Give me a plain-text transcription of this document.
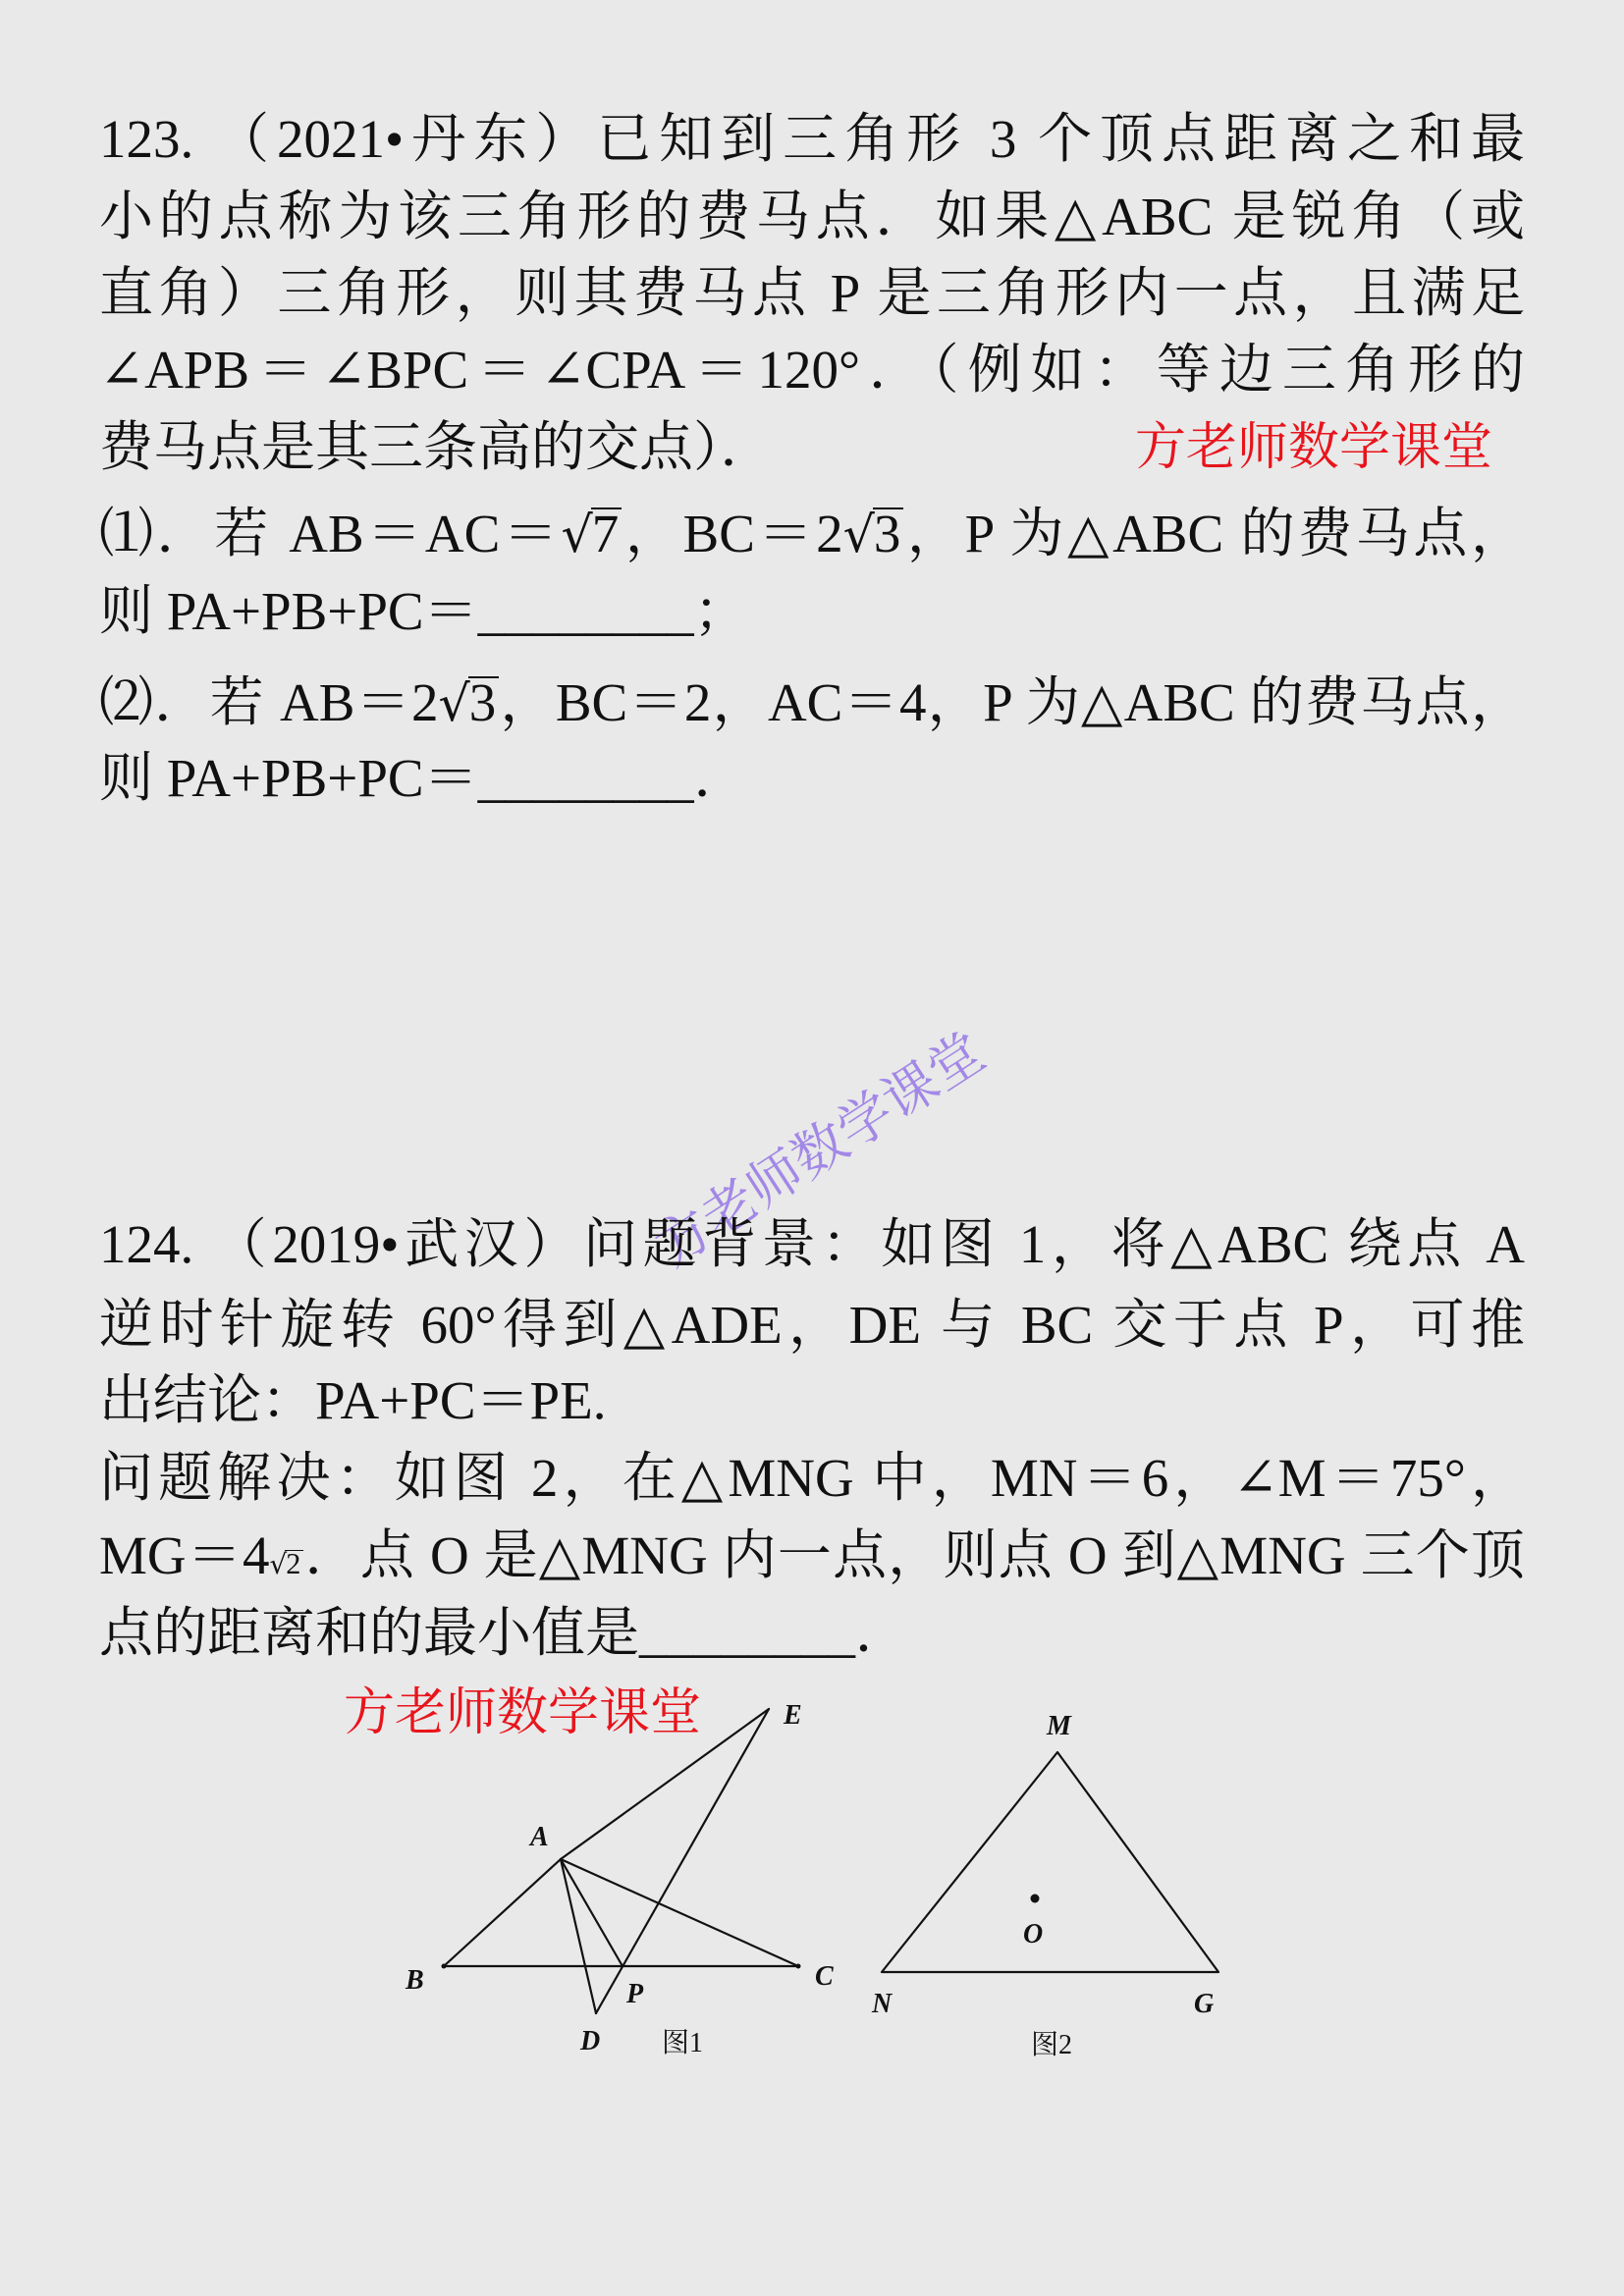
123. （2021•丹东）已知到三角形 3 个顶点距离之和最
小的点称为该三角形的费马点．如果△ABC 是锐角（或
直角）三角形，则其费马点 P 是三角形内一点，且满足
∠APB＝∠BPC＝∠CPA＝120°．（例如：等边三角形的
费马点是其三条高的交点）．	方老师数学课堂
⑴．若 AB＝AC＝√7，BC＝2√3，P 为△ABC 的费马点，
则 PA+PB+PC＝________；
⑵．若 AB＝2√3，BC＝2，AC＝4，P 为△ABC 的费马点，
则 PA+PB+PC＝________．
方老师数学课堂
124. （2019•武汉）问题背景：如图 1，将△ABC 绕点 A
逆时针旋转 60°得到△ADE，DE 与 BC 交于点 P，可推
出结论：PA+PC＝PE.
问题解决：如图 2，在△MNG 中，MN＝6，∠M＝75°，
MG＝4√2．点 O 是△MNG 内一点，则点 O 到△MNG 三个顶
点的距离和的最小值是________．
方老师数学课堂	E
A
B	C
P
D 图1
M
O
N	G
图2
